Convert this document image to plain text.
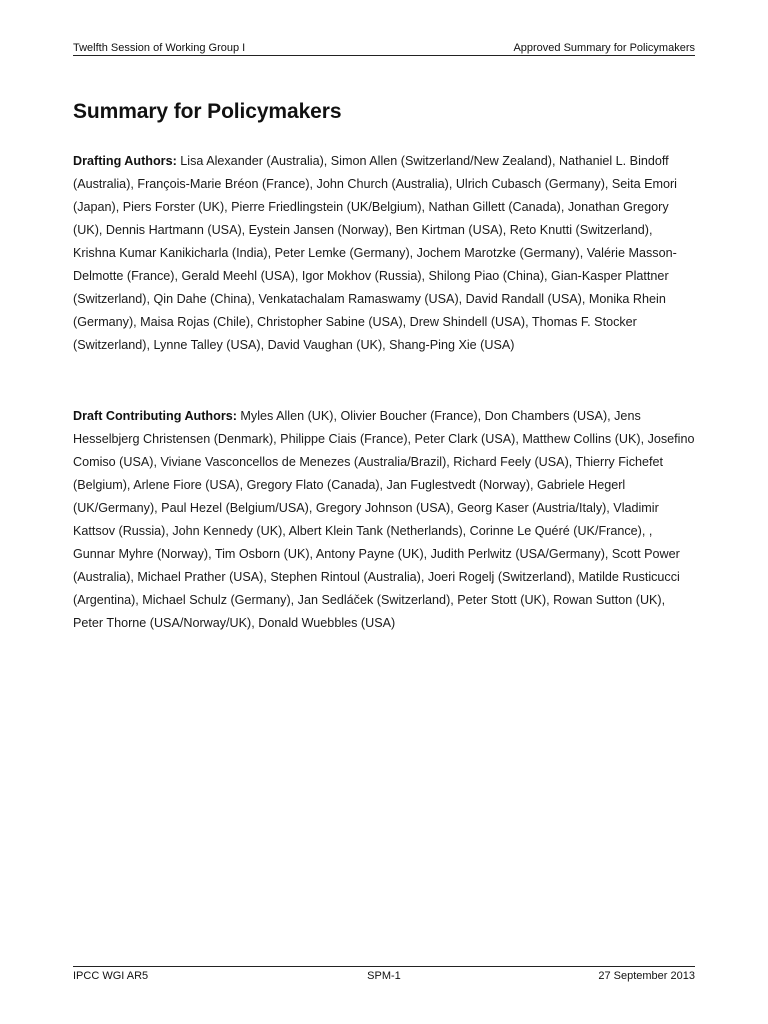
Twelfth Session of Working Group I	Approved Summary for Policymakers
Summary for Policymakers

Drafting Authors: Lisa Alexander (Australia), Simon Allen (Switzerland/New Zealand), Nathaniel L. Bindoff (Australia), François-Marie Bréon (France), John Church (Australia), Ulrich Cubasch (Germany), Seita Emori (Japan), Piers Forster (UK), Pierre Friedlingstein (UK/Belgium), Nathan Gillett (Canada), Jonathan Gregory (UK), Dennis Hartmann (USA), Eystein Jansen (Norway), Ben Kirtman (USA), Reto Knutti (Switzerland), Krishna Kumar Kanikicharla (India), Peter Lemke (Germany), Jochem Marotzke (Germany), Valérie Masson-Delmotte (France), Gerald Meehl (USA), Igor Mokhov (Russia), Shilong Piao (China), Gian-Kasper Plattner (Switzerland), Qin Dahe (China), Venkatachalam Ramaswamy (USA), David Randall (USA), Monika Rhein (Germany), Maisa Rojas (Chile), Christopher Sabine (USA), Drew Shindell (USA), Thomas F. Stocker (Switzerland), Lynne Talley (USA), David Vaughan (UK), Shang-Ping Xie (USA)

Draft Contributing Authors: Myles Allen (UK), Olivier Boucher (France), Don Chambers (USA), Jens Hesselbjerg Christensen (Denmark), Philippe Ciais (France), Peter Clark (USA), Matthew Collins (UK), Josefino Comiso (USA), Viviane Vasconcellos de Menezes (Australia/Brazil), Richard Feely (USA), Thierry Fichefet (Belgium), Arlene Fiore (USA), Gregory Flato (Canada), Jan Fuglestvedt (Norway), Gabriele Hegerl (UK/Germany), Paul Hezel (Belgium/USA), Gregory Johnson (USA), Georg Kaser (Austria/Italy), Vladimir Kattsov (Russia), John Kennedy (UK), Albert Klein Tank (Netherlands), Corinne Le Quéré (UK/France), , Gunnar Myhre (Norway), Tim Osborn (UK), Antony Payne (UK), Judith Perlwitz (USA/Germany), Scott Power (Australia), Michael Prather (USA), Stephen Rintoul (Australia), Joeri Rogelj (Switzerland), Matilde Rusticucci (Argentina), Michael Schulz (Germany), Jan Sedláček (Switzerland), Peter Stott (UK), Rowan Sutton (UK), Peter Thorne (USA/Norway/UK), Donald Wuebbles (USA)

IPCC WGI AR5	SPM-1	27 September 2013
